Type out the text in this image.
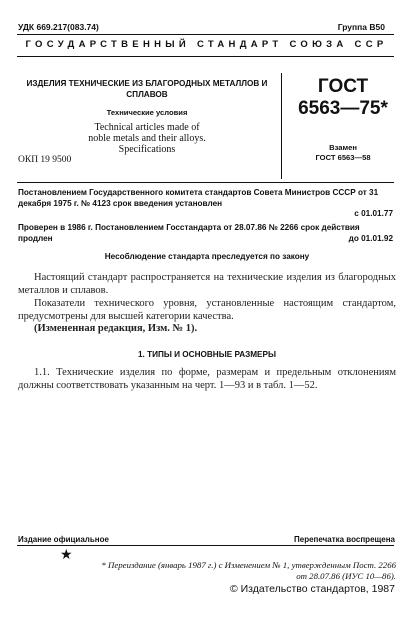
УДК 669.217(083.74)	Группа В50
ГОСУДАРСТВЕННЫЙ СТАНДАРТ СОЮЗА ССР
ИЗДЕЛИЯ ТЕХНИЧЕСКИЕ ИЗ БЛАГОРОДНЫХ МЕТАЛЛОВ И СПЛАВОВ
Технические условия
Technical articles made of
noble metals and their alloys.
Specifications
ГОСТ
6563—75*
Взамен
ГОСТ 6563—58
ОКП 19 9500
Постановлением Государственного комитета стандартов Совета Министров СССР от 31 декабря 1975 г. № 4123 срок введения установлен
с 01.01.77
Проверен в 1986 г. Постановлением Госстандарта от 28.07.86 № 2266 срок действия продлен	до 01.01.92
Несоблюдение стандарта преследуется по закону
Настоящий стандарт распространяется на технические изделия из благородных металлов и сплавов.
Показатели технического уровня, установленные настоящим стандартом, предусмотрены для высшей категории качества.
(Измененная редакция, Изм. № 1).
1. ТИПЫ И ОСНОВНЫЕ РАЗМЕРЫ
1.1. Технические изделия по форме, размерам и предельным отклонениям должны соответствовать указанным на черт. 1—93 и в табл. 1—52.
Издание официальное	Перепечатка воспрещена
★
* Переиздание (январь 1987 г.) с Изменением № 1, утвержденным Пост. 2266
от 28.07.86 (ИУС 10—86).
© Издательство стандартов, 1987
